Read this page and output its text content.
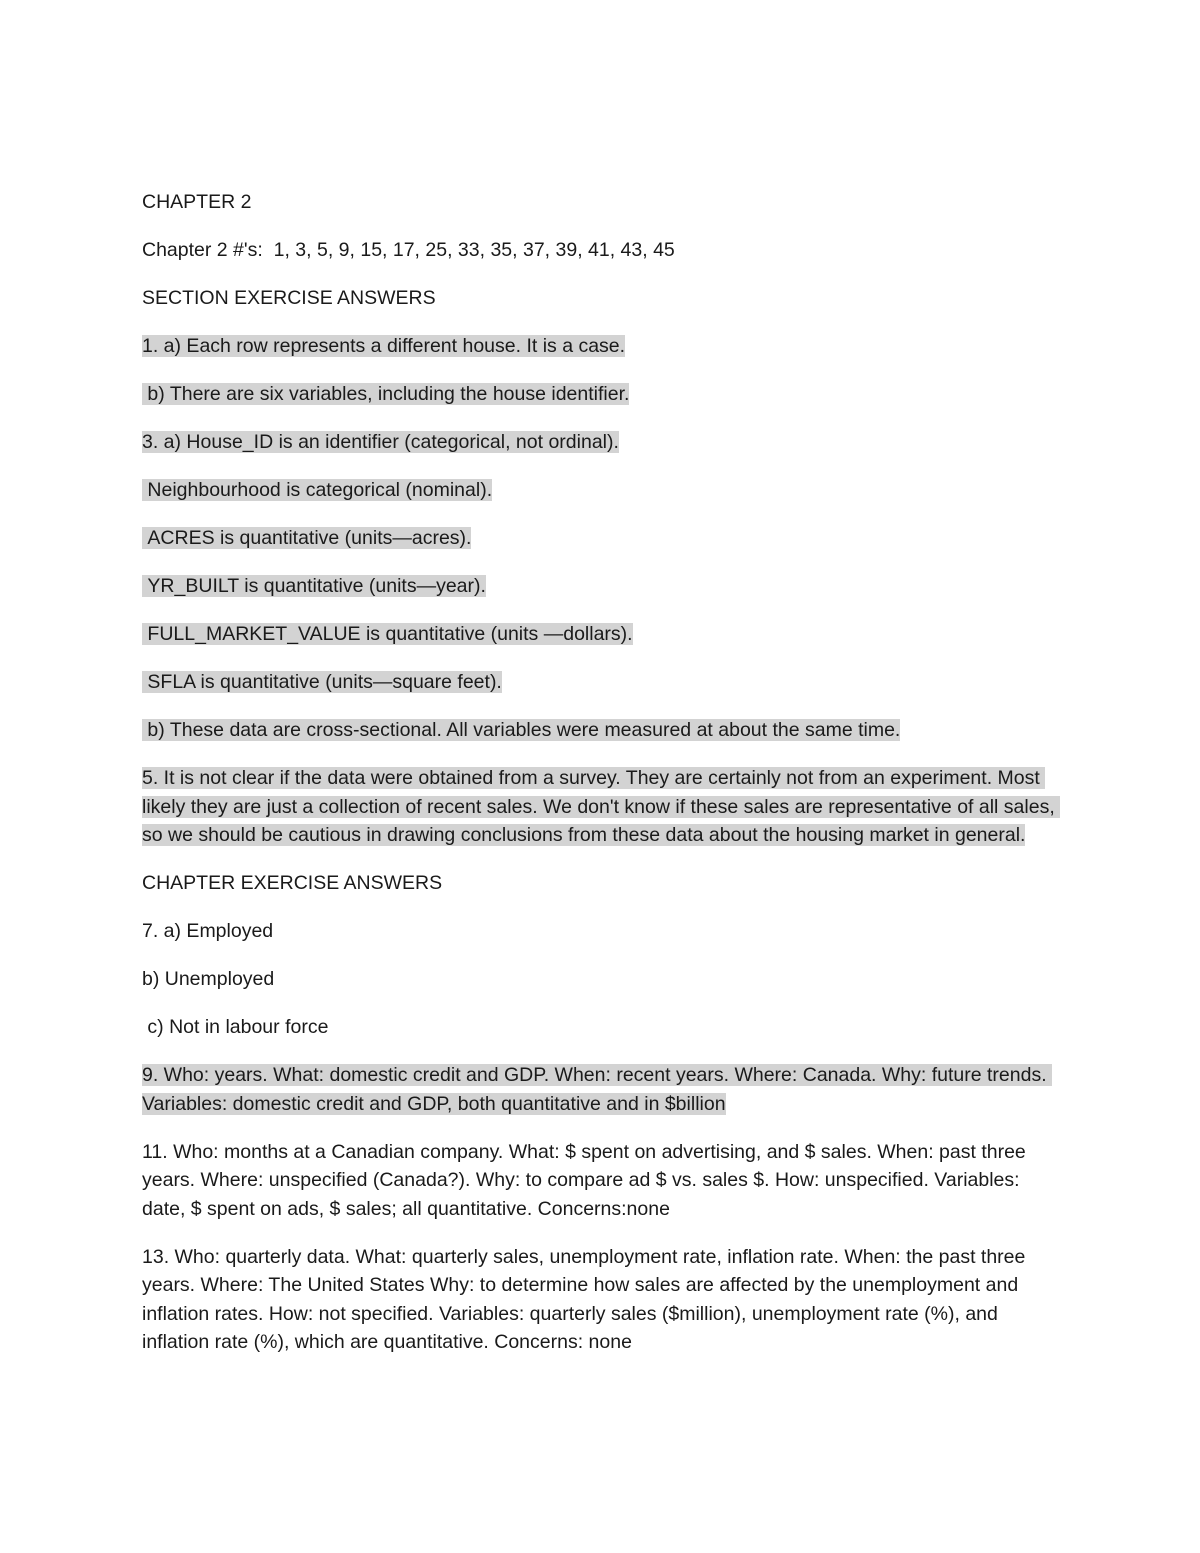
CHAPTER 2

Chapter 2 #'s:  1, 3, 5, 9, 15, 17, 25, 33, 35, 37, 39, 41, 43, 45

SECTION EXERCISE ANSWERS

1. a) Each row represents a different house. It is a case.

b) There are six variables, including the house identifier.

3. a) House_ID is an identifier (categorical, not ordinal).

Neighbourhood is categorical (nominal).

ACRES is quantitative (units—acres).

YR_BUILT is quantitative (units—year).

FULL_MARKET_VALUE is quantitative (units —dollars).

SFLA is quantitative (units—square feet).

b) These data are cross-sectional. All variables were measured at about the same time.

5. It is not clear if the data were obtained from a survey. They are certainly not from an experiment. Most likely they are just a collection of recent sales. We don't know if these sales are representative of all sales, so we should be cautious in drawing conclusions from these data about the housing market in general.

CHAPTER EXERCISE ANSWERS

7. a) Employed

b) Unemployed

c) Not in labour force

9. Who: years. What: domestic credit and GDP. When: recent years. Where: Canada. Why: future trends. Variables: domestic credit and GDP, both quantitative and in $billion

11. Who: months at a Canadian company. What: $ spent on advertising, and $ sales. When: past three years. Where: unspecified (Canada?). Why: to compare ad $ vs. sales $. How: unspecified. Variables: date, $ spent on ads, $ sales; all quantitative. Concerns:none

13. Who: quarterly data. What: quarterly sales, unemployment rate, inflation rate. When: the past three years. Where: The United States Why: to determine how sales are affected by the unemployment and inflation rates. How: not specified. Variables: quarterly sales ($million), unemployment rate (%), and inflation rate (%), which are quantitative. Concerns: none
